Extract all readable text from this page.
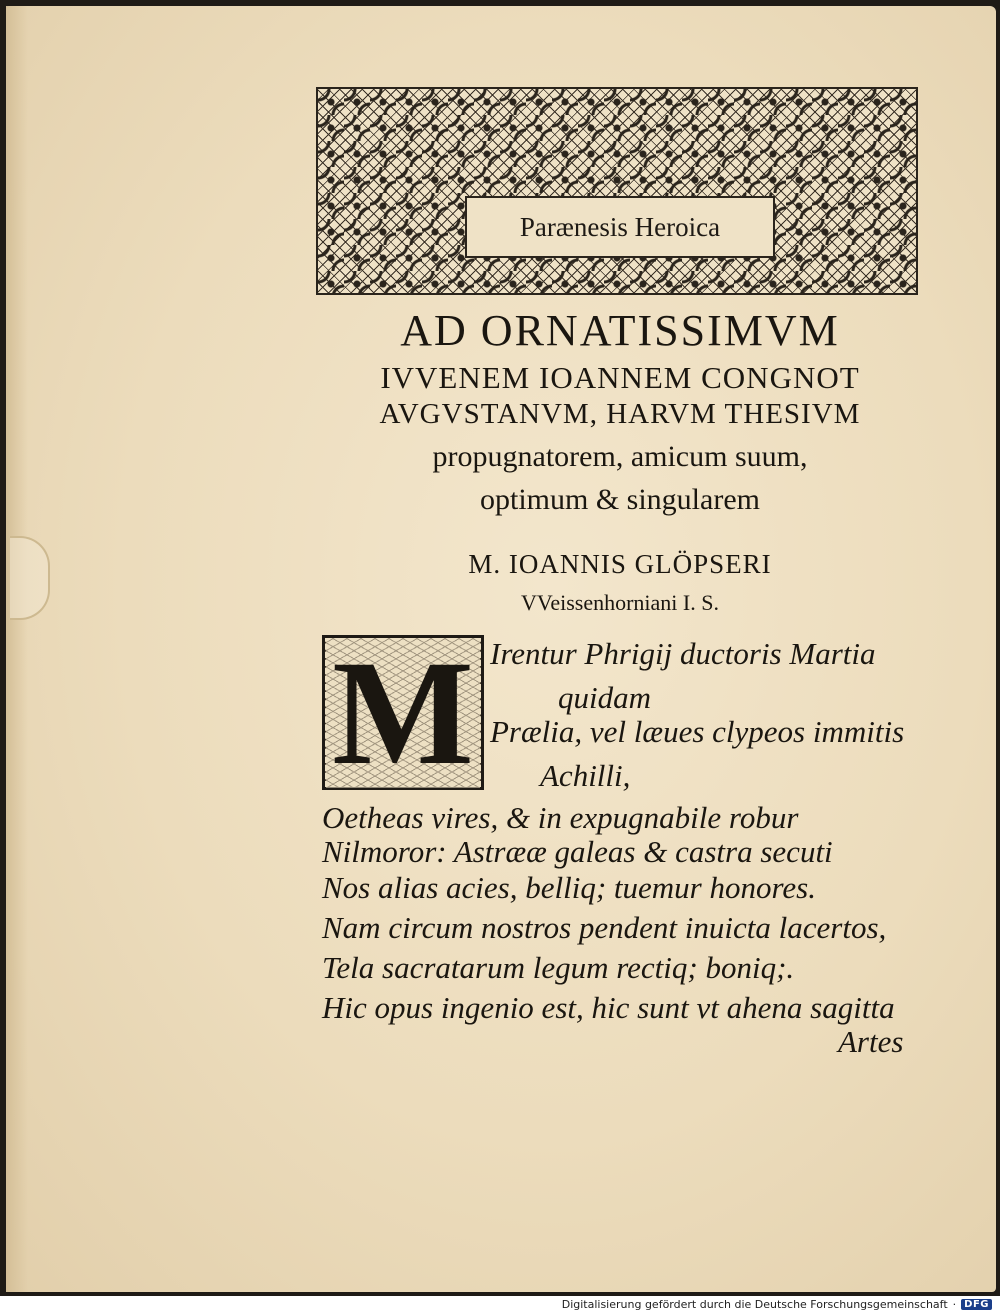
Parænesis Heroica
AD ORNATISSIMVM
IVVENEM IOANNEM CONGNOT
AVGVSTANVM, HARVM THESIVM
propugnatorem, amicum suum,
optimum & singularem
M. IOANNIS GLÖPSERI
VVeissenhorniani I. S.
M Irentur Phrigij ductoris Martia
quidam
Prælia, vel læues clypeos immitis
Achilli,
Oetheas vires, & in expugnabile robur
Nilmoror: Astrææ galeas & castra secuti
Nos alias acies, belliq; tuemur honores.
Nam circum nostros pendent inuicta lacertos,
Tela sacratarum legum rectiq; boniq;.
Hic opus ingenio est, hic sunt vt ahena sagitta
Artes
Digitalisierung gefördert durch die Deutsche Forschungsgemeinschaft · DFG
